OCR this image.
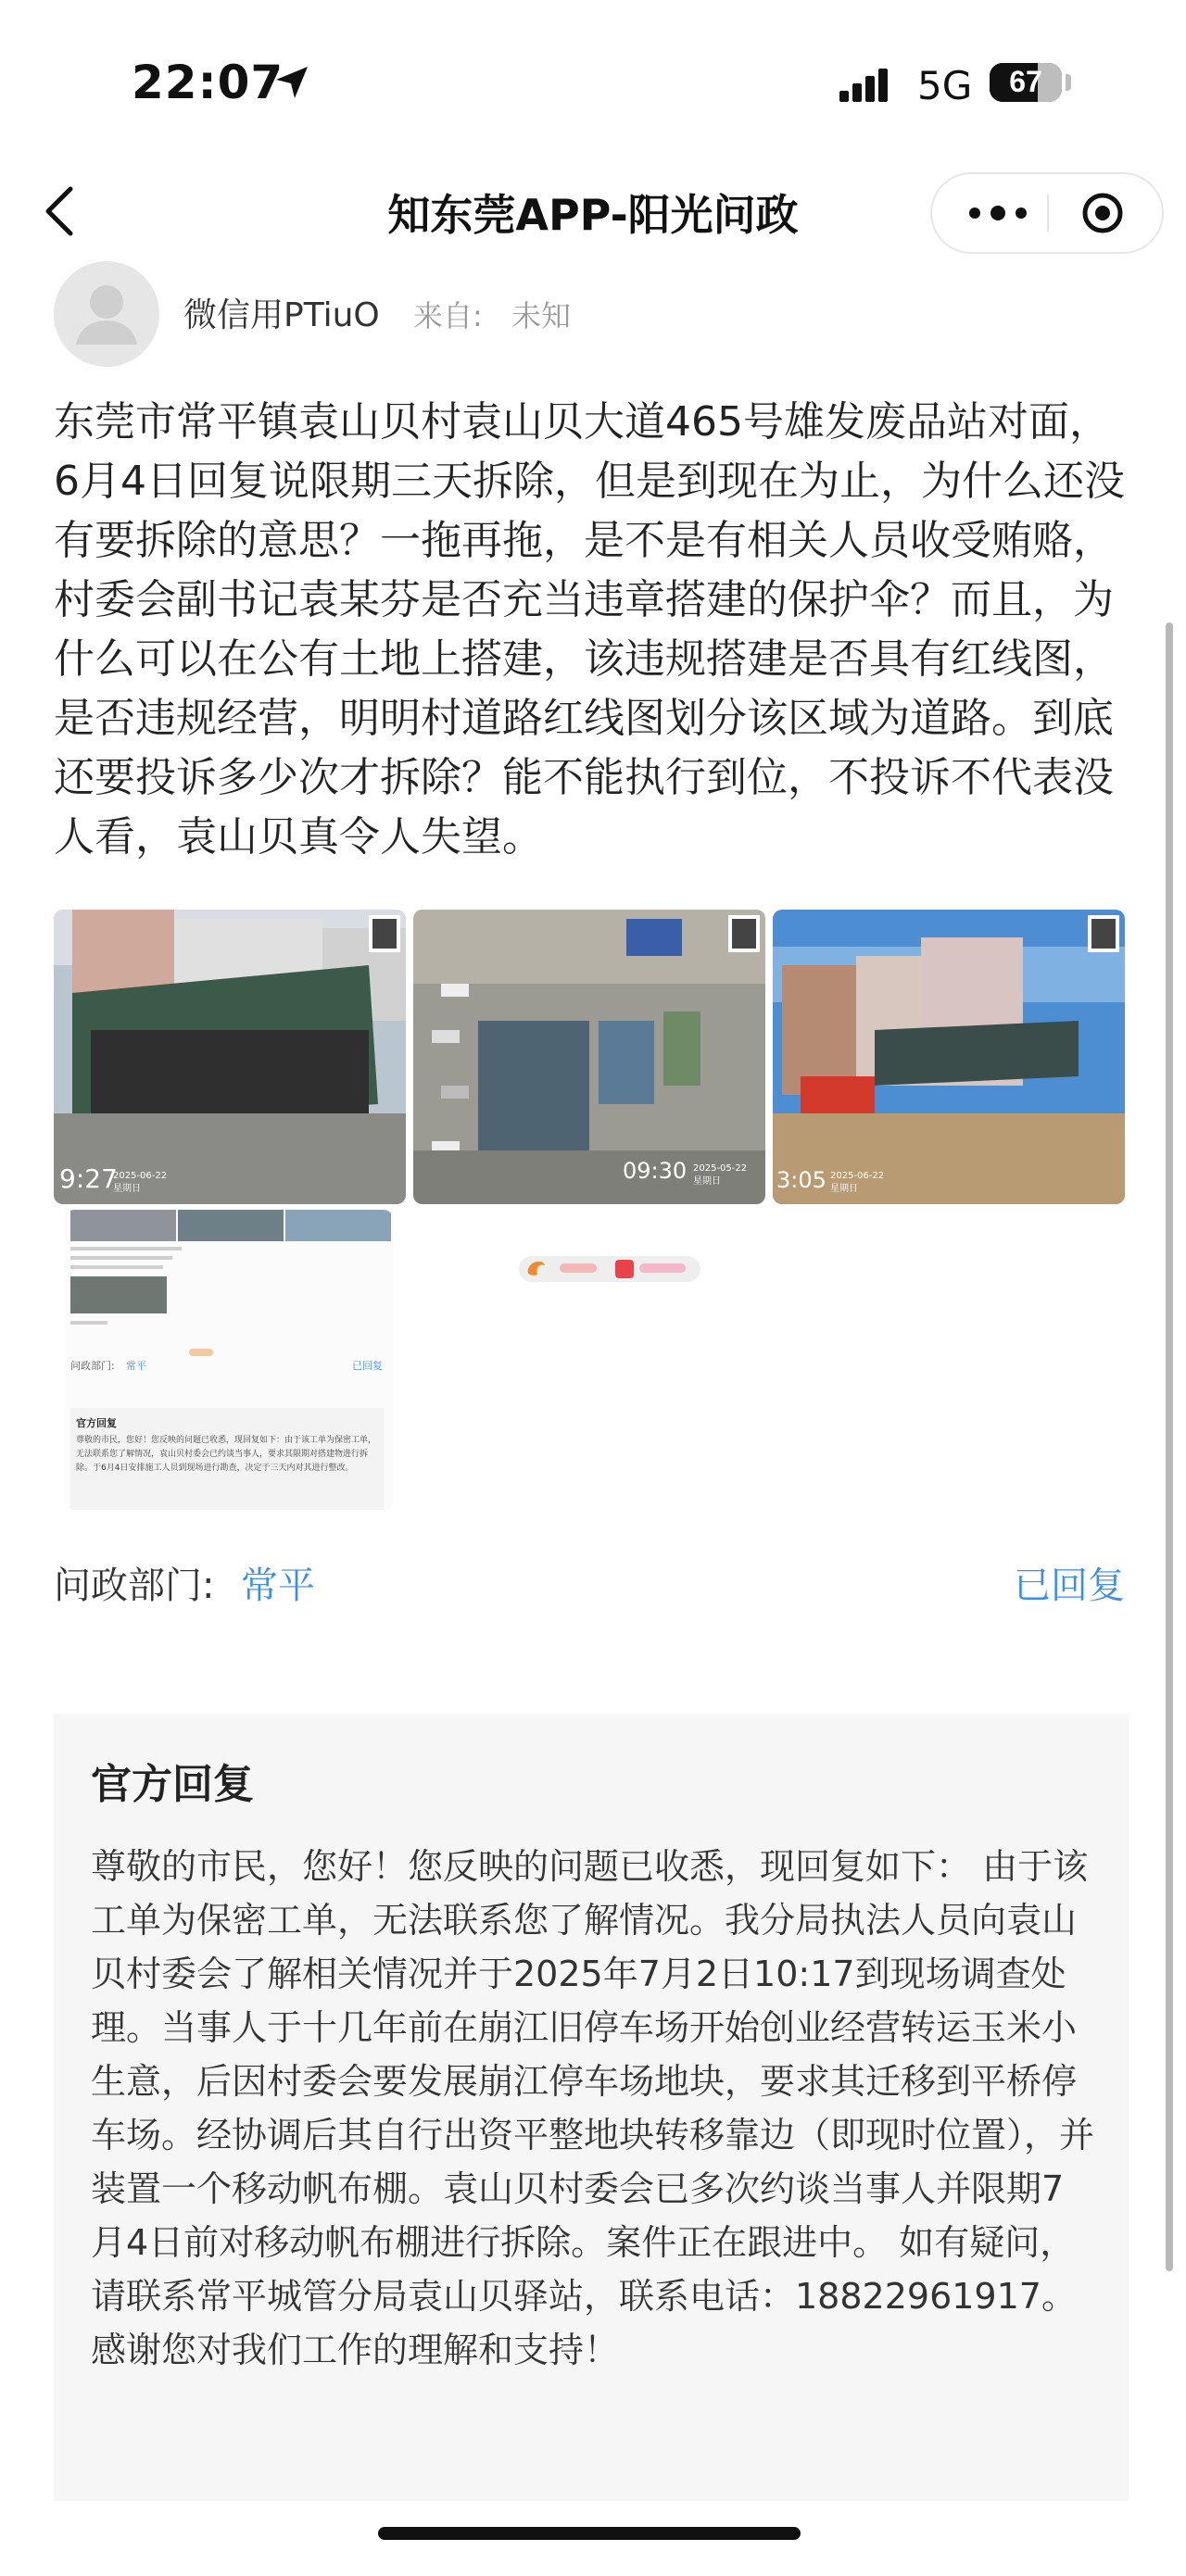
22:07	5G	67
知东莞APP-阳光问政
微信用PTiuO 来自: 未知
东莞市常平镇袁山贝村袁山贝大道465号雄发废品站对面，6月4日回复说限期三天拆除，但是到现在为止，为什么还没有要拆除的意思？一拖再拖，是不是有相关人员收受贿赂，村委会副书记袁某芬是否充当违章搭建的保护伞？而且，为什么可以在公有土地上搭建，该违规搭建是否具有红线图，是否违规经营，明明村道路红线图划分该区域为道路。到底还要投诉多少次才拆除？能不能执行到位，不投诉不代表没人看，袁山贝真令人失望。
9:27
2025-06-22
星期日
09:30 2025-05-22
星期日	3:05 2025-06-22
星期日
问政部门: 常平	已回复
官方回复
尊敬的市民，您好！您反映的问题已收悉，现回复如下：由于该工单为保密工单，无法联系您了解情况，袁山贝村委会已约谈当事人，要求其限期对搭建物进行拆除。于6月4日安排施工人员到现场进行勘查，决定于三天内对其进行整改。
问政部门: 常平	已回复
官方回复
尊敬的市民，您好！您反映的问题已收悉，现回复如下： 由于该工单为保密工单，无法联系您了解情况。我分局执法人员向袁山贝村委会了解相关情况并于2025年7月2日10:17到现场调查处理。当事人于十几年前在崩江旧停车场开始创业经营转运玉米小生意，后因村委会要发展崩江停车场地块，要求其迁移到平桥停车场。经协调后其自行出资平整地块转移靠边（即现时位置），并装置一个移动帆布棚。袁山贝村委会已多次约谈当事人并限期7月4日前对移动帆布棚进行拆除。案件正在跟进中。 如有疑问，请联系常平城管分局袁山贝驿站，联系电话：18822961917。感谢您对我们工作的理解和支持！
